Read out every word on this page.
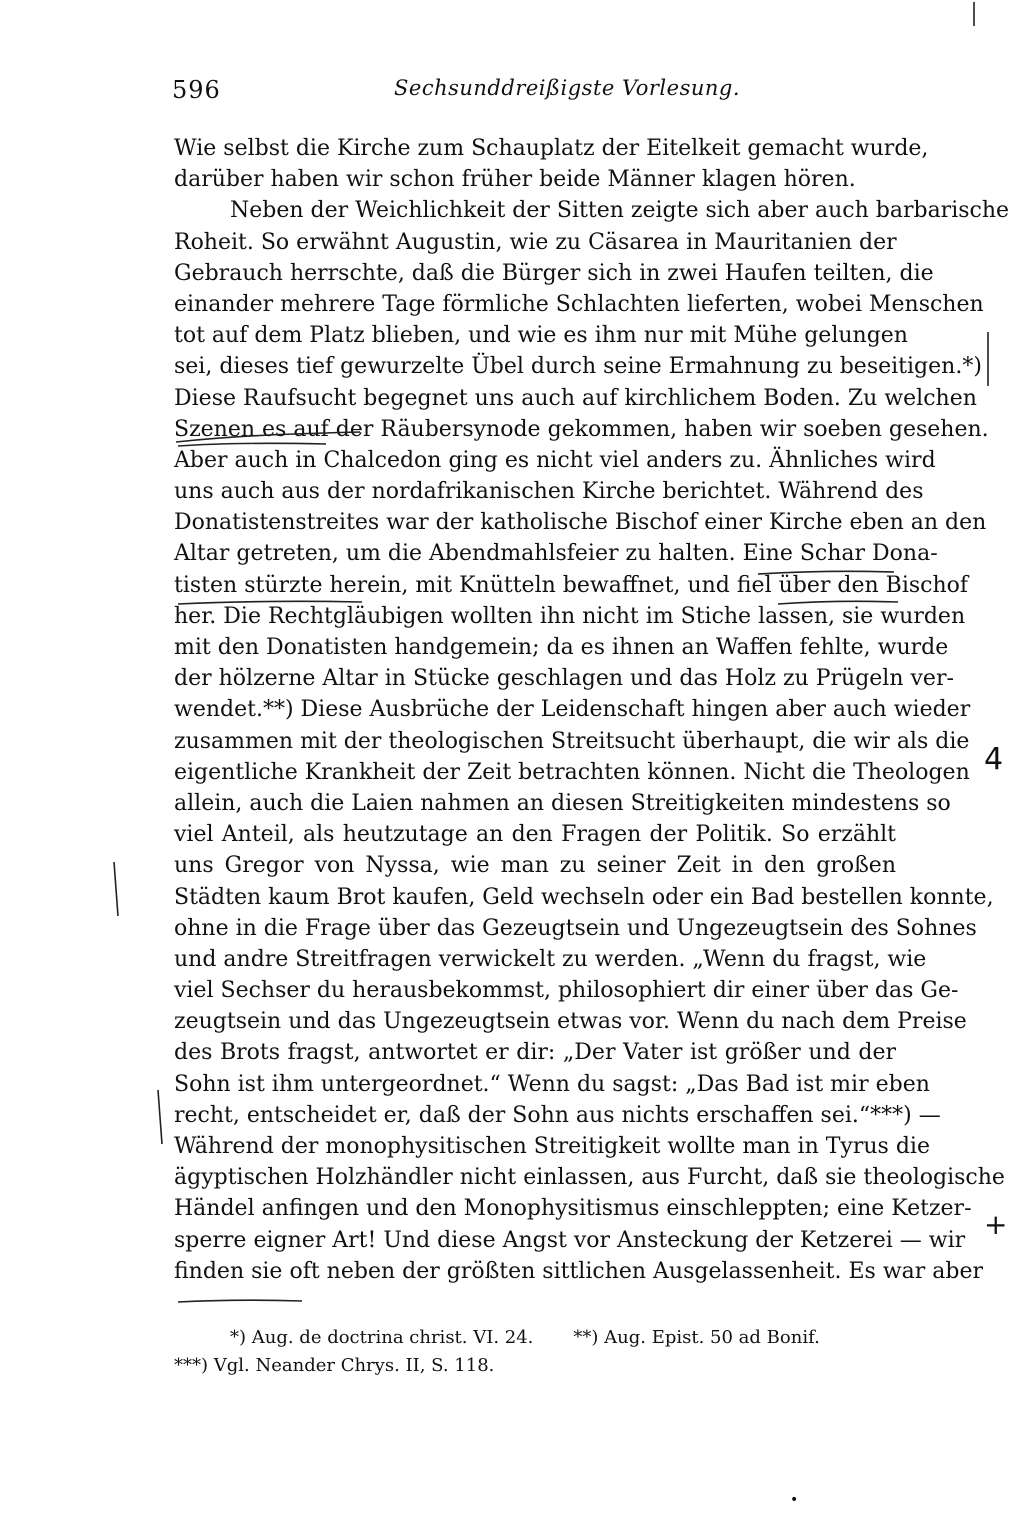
596	Sechsunddreißigste Vorlesung.
Wie selbst die Kirche zum Schauplatz der Eitelkeit gemacht wurde,
darüber haben wir schon früher beide Männer klagen hören.
Neben der Weichlichkeit der Sitten zeigte sich aber auch barbarische
Roheit. So erwähnt Augustin, wie zu Cäsarea in Mauritanien der
Gebrauch herrschte, daß die Bürger sich in zwei Haufen teilten, die
einander mehrere Tage förmliche Schlachten lieferten, wobei Menschen
tot auf dem Platz blieben, und wie es ihm nur mit Mühe gelungen
sei, dieses tief gewurzelte Übel durch seine Ermahnung zu beseitigen.*)
Diese Raufsucht begegnet uns auch auf kirchlichem Boden. Zu welchen
Szenen es auf der Räubersynode gekommen, haben wir soeben gesehen.
Aber auch in Chalcedon ging es nicht viel anders zu. Ähnliches wird
uns auch aus der nordafrikanischen Kirche berichtet. Während des
Donatistenstreites war der katholische Bischof einer Kirche eben an den
Altar getreten, um die Abendmahlsfeier zu halten. Eine Schar Dona-
tisten stürzte herein, mit Knütteln bewaffnet, und fiel über den Bischof
her. Die Rechtgläubigen wollten ihn nicht im Stiche lassen, sie wurden
mit den Donatisten handgemein; da es ihnen an Waffen fehlte, wurde
der hölzerne Altar in Stücke geschlagen und das Holz zu Prügeln ver-
wendet.**) Diese Ausbrüche der Leidenschaft hingen aber auch wieder
zusammen mit der theologischen Streitsucht überhaupt, die wir als die
eigentliche Krankheit der Zeit betrachten können. Nicht die Theologen
allein, auch die Laien nahmen an diesen Streitigkeiten mindestens so
viel Anteil, als heutzutage an den Fragen der Politik. So erzählt
uns Gregor von Nyssa, wie man zu seiner Zeit in den großen
Städten kaum Brot kaufen, Geld wechseln oder ein Bad bestellen konnte,
ohne in die Frage über das Gezeugtsein und Ungezeugtsein des Sohnes
und andre Streitfragen verwickelt zu werden. „Wenn du fragst, wie
viel Sechser du herausbekommst, philosophiert dir einer über das Ge-
zeugtsein und das Ungezeugtsein etwas vor. Wenn du nach dem Preise
des Brots fragst, antwortet er dir: „Der Vater ist größer und der
Sohn ist ihm untergeordnet.“ Wenn du sagst: „Das Bad ist mir eben
recht, entscheidet er, daß der Sohn aus nichts erschaffen sei.“***) —
Während der monophysitischen Streitigkeit wollte man in Tyrus die
ägyptischen Holzhändler nicht einlassen, aus Furcht, daß sie theologische
Händel anfingen und den Monophysitismus einschleppten; eine Ketzer-
sperre eigner Art! Und diese Angst vor Ansteckung der Ketzerei — wir
finden sie oft neben der größten sittlichen Ausgelassenheit. Es war aber
*) Aug. de doctrina christ. VI. 24. **) Aug. Epist. 50 ad Bonif.
***) Vgl. Neander Chrys. II, S. 118.
4
+
•
